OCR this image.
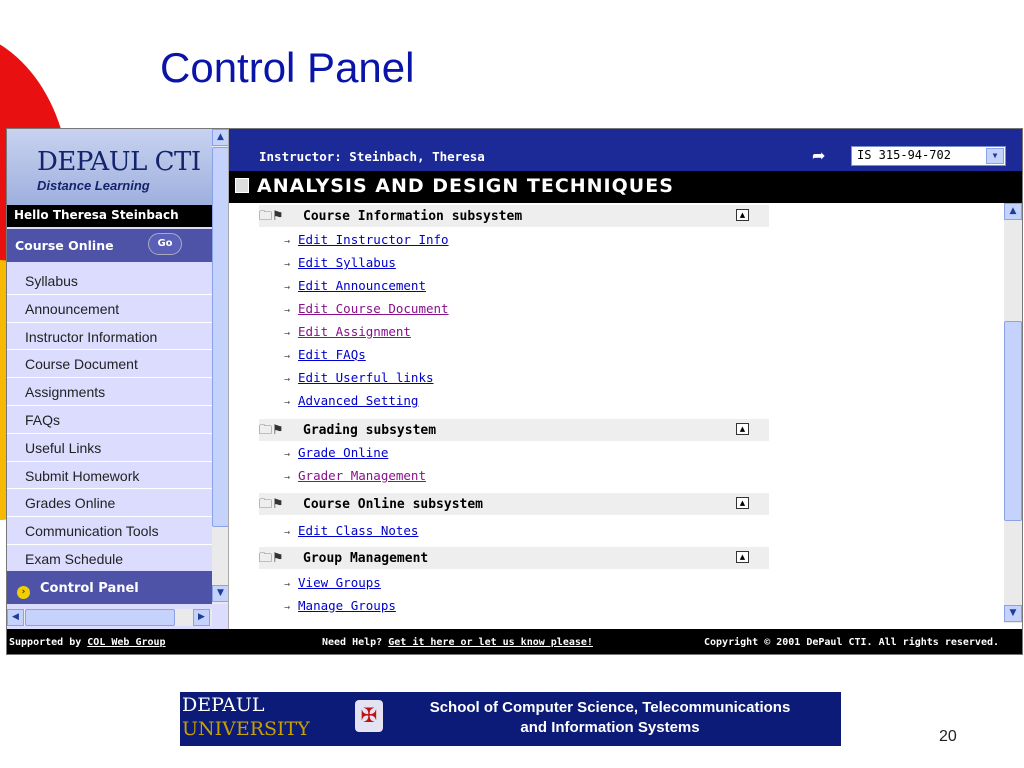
Control Panel
DEPAUL CTI
Distance Learning
Hello Theresa Steinbach
Course Online	Go
Syllabus
Announcement
Instructor Information
Course Document
Assignments
FAQs
Useful Links
Submit Homework
Grades Online
Communication Tools
Exam Schedule
› Control Panel
▲
▼
◀	▶
Instructor: Steinbach, Theresa	➦	IS 315-94-702	▼
ANALYSIS AND DESIGN TECHNIQUES
🗀⚑ Course Information subsystem	▲
→ Edit Instructor Info
→ Edit Syllabus
→ Edit Announcement
→ Edit Course Document
→ Edit Assignment
→ Edit FAQs
→ Edit Userful links
→ Advanced Setting
🗀⚑ Grading subsystem	▲
→ Grade Online
→ Grader Management
🗀⚑ Course Online subsystem	▲
→ Edit Class Notes
🗀⚑ Group Management	▲
→ View Groups
→ Manage Groups
▲
▼
Supported by COL Web Group	Need Help? Get it here or let us know please!	Copyright © 2001 DePaul CTI. All rights reserved.
DEPAUL
UNIVERSITY
✠	School of Computer Science, Telecommunications
and Information Systems
20
